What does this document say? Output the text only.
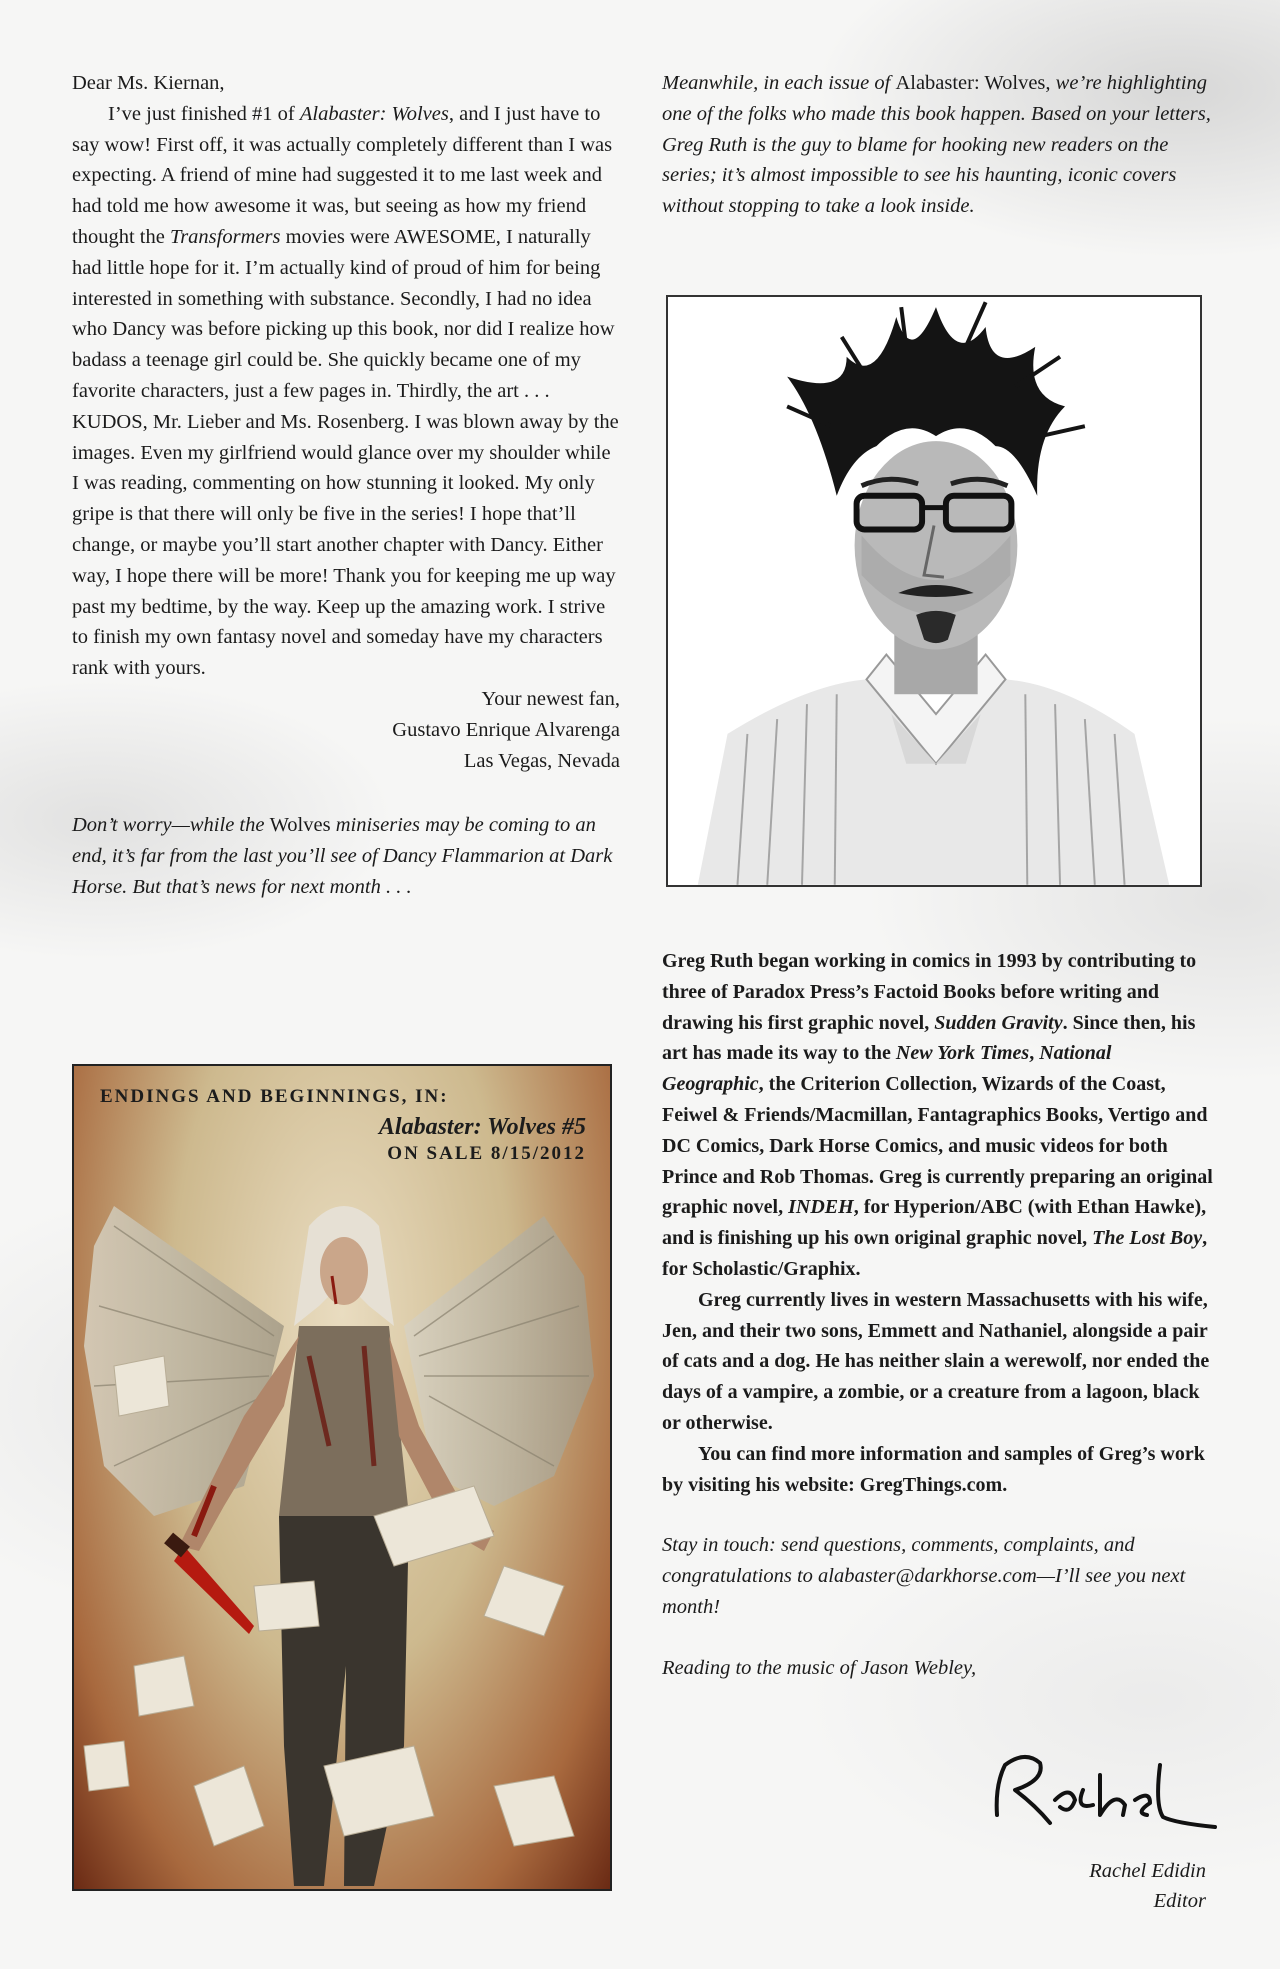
Dear Ms. Kiernan,

I’ve just finished #1 of Alabaster: Wolves, and I just have to say wow! First off, it was actually completely different than I was expecting. A friend of mine had suggested it to me last week and had told me how awesome it was, but seeing as how my friend thought the Transformers movies were AWESOME, I naturally had little hope for it. I’m actually kind of proud of him for being interested in something with substance. Secondly, I had no idea who Dancy was before picking up this book, nor did I realize how badass a teenage girl could be. She quickly became one of my favorite characters, just a few pages in. Thirdly, the art . . . KUDOS, Mr. Lieber and Ms. Rosenberg. I was blown away by the images. Even my girlfriend would glance over my shoulder while I was reading, commenting on how stunning it looked. My only gripe is that there will only be five in the series! I hope that’ll change, or maybe you’ll start another chapter with Dancy. Either way, I hope there will be more! Thank you for keeping me up way past my bedtime, by the way. Keep up the amazing work. I strive to finish my own fantasy novel and someday have my characters rank with yours.

Your newest fan,

Gustavo Enrique Alvarenga

Las Vegas, Nevada

Don’t worry—while the Wolves miniseries may be coming to an end, it’s far from the last you’ll see of Dancy Flammarion at Dark Horse. But that’s news for next month . . .

ENDINGS AND BEGINNINGS, IN:
Alabaster: Wolves #5
ON SALE 8/15/2012

Meanwhile, in each issue of Alabaster: Wolves, we’re highlighting one of the folks who made this book happen. Based on your letters, Greg Ruth is the guy to blame for hooking new readers on the series; it’s almost impossible to see his haunting, iconic covers without stopping to take a look inside.

Greg Ruth began working in comics in 1993 by contributing to three of Paradox Press’s Factoid Books before writing and drawing his first graphic novel, Sudden Gravity. Since then, his art has made its way to the New York Times, National Geographic, the Criterion Collection, Wizards of the Coast, Feiwel & Friends/Macmillan, Fantagraphics Books, Vertigo and DC Comics, Dark Horse Comics, and music videos for both Prince and Rob Thomas. Greg is currently preparing an original graphic novel, INDEH, for Hyperion/ABC (with Ethan Hawke), and is finishing up his own original graphic novel, The Lost Boy, for Scholastic/Graphix.

Greg currently lives in western Massachusetts with his wife, Jen, and their two sons, Emmett and Nathaniel, alongside a pair of cats and a dog. He has neither slain a werewolf, nor ended the days of a vampire, a zombie, or a creature from a lagoon, black or otherwise.

You can find more information and samples of Greg’s work by visiting his website: GregThings.com.

Stay in touch: send questions, comments, complaints, and congratulations to alabaster@darkhorse.com—I’ll see you next month!

Reading to the music of Jason Webley,

Rachel Edidin
Editor
